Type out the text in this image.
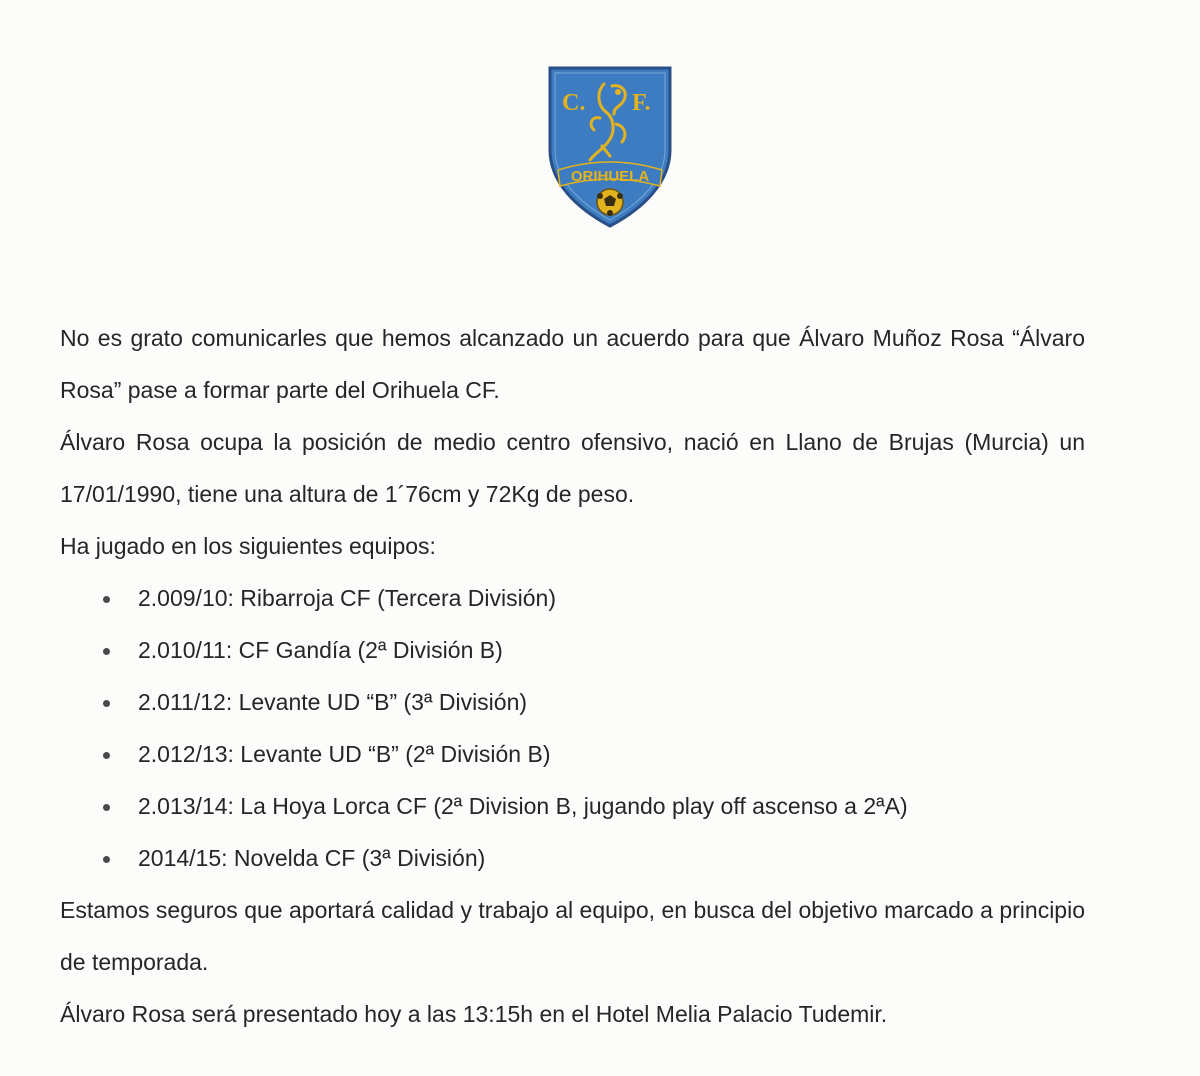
C. F.
ORIHUELA

No es grato comunicarles que hemos alcanzado un acuerdo para que Álvaro Muñoz Rosa “Álvaro Rosa” pase a formar parte del Orihuela CF.

Álvaro Rosa ocupa la posición de medio centro ofensivo, nació en Llano de Brujas (Murcia) un 17/01/1990, tiene una altura de 1´76cm y 72Kg de peso.

Ha jugado en los siguientes equipos:

2.009/10: Ribarroja CF (Tercera División)
2.010/11: CF Gandía (2ª División B)
2.011/12: Levante UD “B” (3ª División)
2.012/13: Levante UD “B” (2ª División B)
2.013/14: La Hoya Lorca CF (2ª Division B, jugando play off ascenso a 2ªA)
2014/15: Novelda CF (3ª División)

Estamos seguros que aportará calidad y trabajo al equipo, en busca del objetivo marcado a principio de temporada.

Álvaro Rosa será presentado hoy a las 13:15h en el Hotel Melia Palacio Tudemir.
